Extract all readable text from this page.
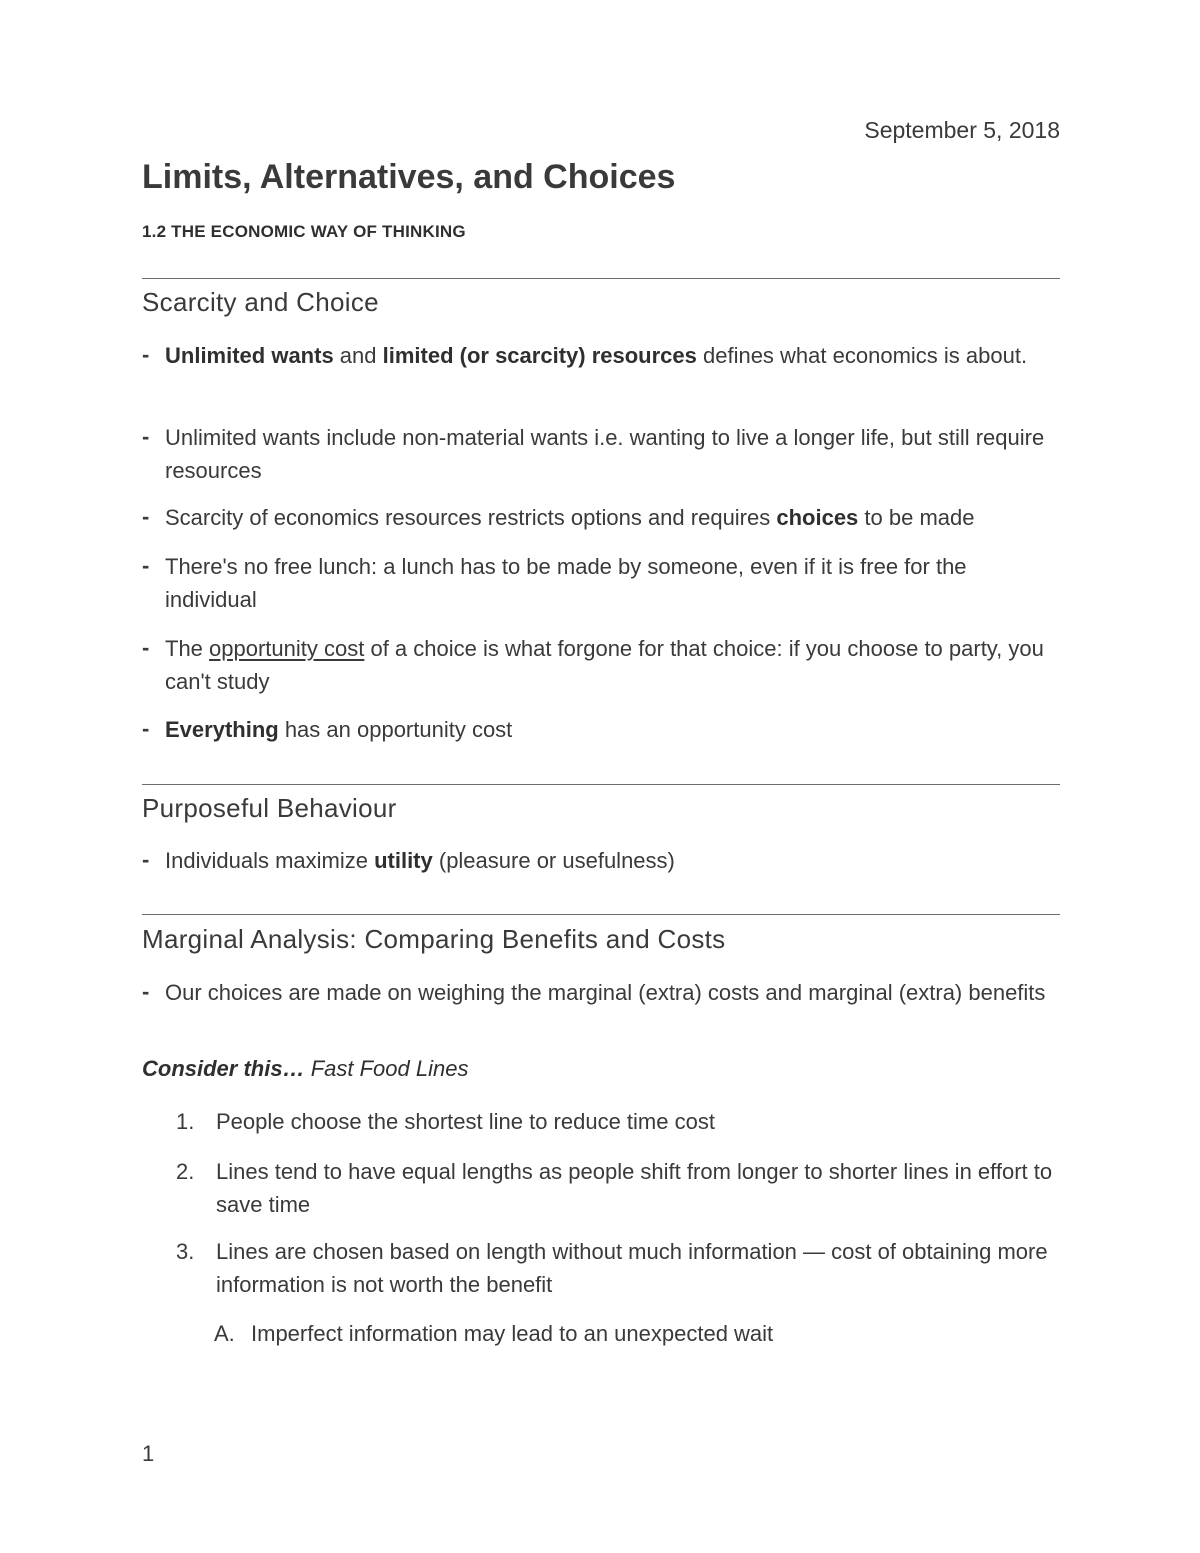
September 5, 2018
Limits, Alternatives, and Choices
1.2 THE ECONOMIC WAY OF THINKING
Scarcity and Choice
- Unlimited wants and limited (or scarcity) resources defines what economics is about.
- Unlimited wants include non-material wants i.e. wanting to live a longer life, but still require resources
- Scarcity of economics resources restricts options and requires choices to be made
- There's no free lunch: a lunch has to be made by someone, even if it is free for the individual
- The opportunity cost of a choice is what forgone for that choice: if you choose to party, you can't study
- Everything has an opportunity cost
Purposeful Behaviour
- Individuals maximize utility (pleasure or usefulness)
Marginal Analysis: Comparing Benefits and Costs
- Our choices are made on weighing the marginal (extra) costs and marginal (extra) benefits
Consider this… Fast Food Lines
1. People choose the shortest line to reduce time cost
2. Lines tend to have equal lengths as people shift from longer to shorter lines in effort to save time
3. Lines are chosen based on length without much information — cost of obtaining more information is not worth the benefit
A. Imperfect information may lead to an unexpected wait
1
